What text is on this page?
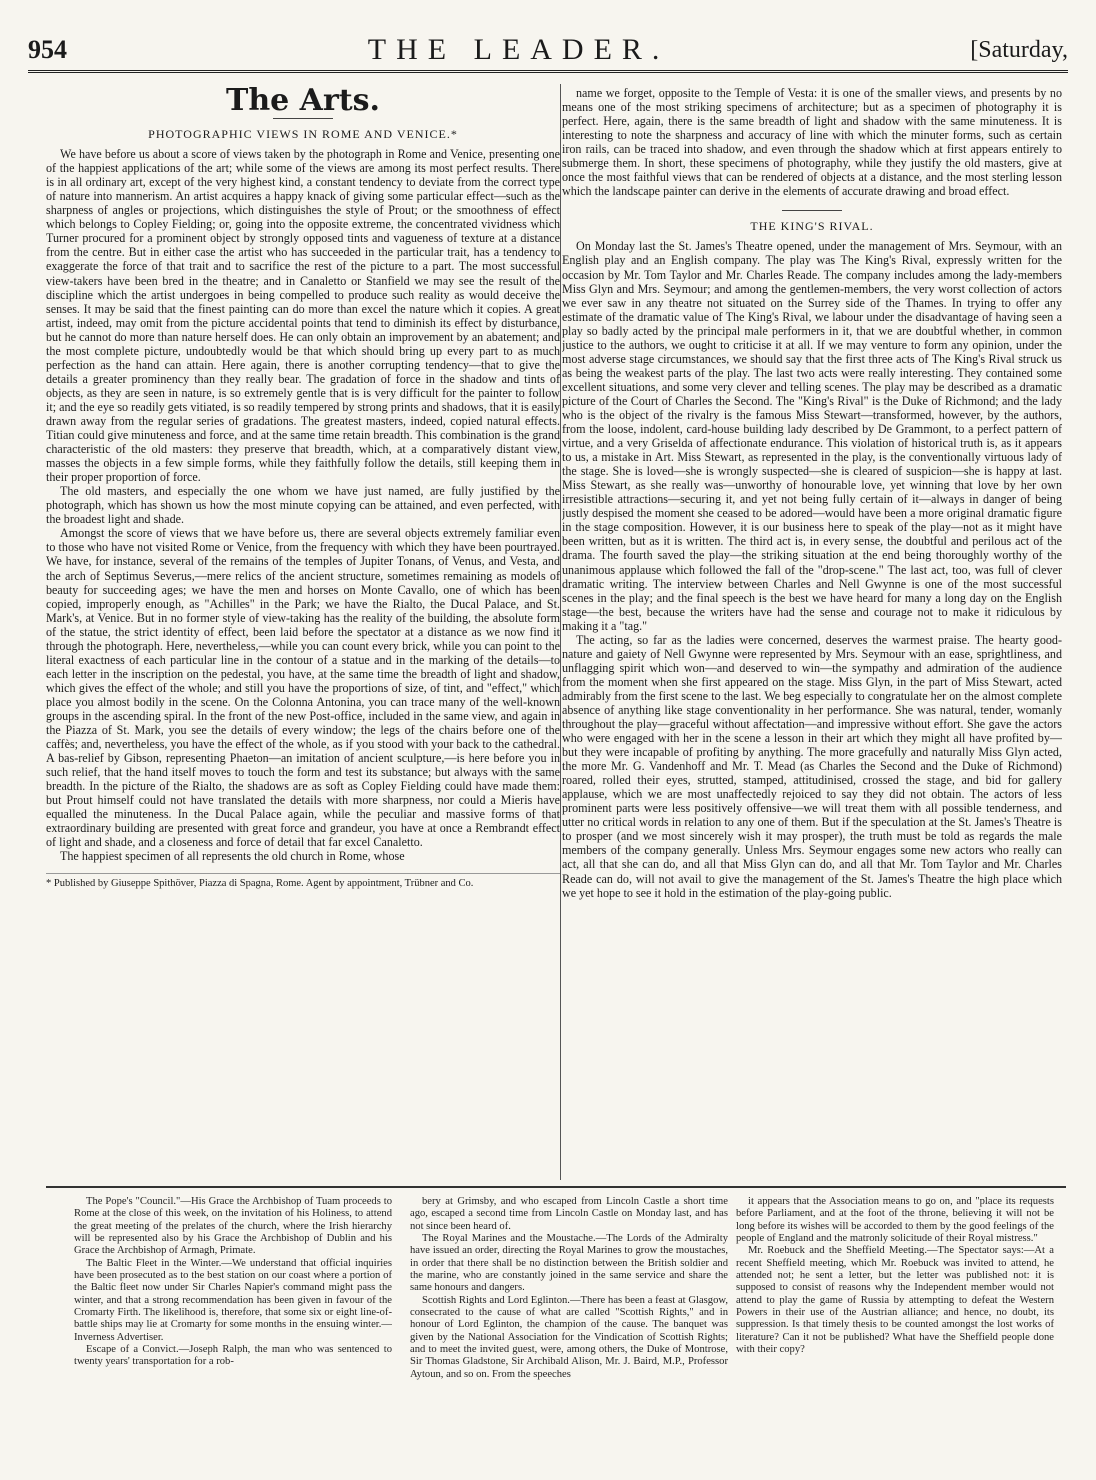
954	THE LEADER.	[Saturday,
The Arts.
PHOTOGRAPHIC VIEWS IN ROME AND VENICE.*

We have before us about a score of views taken by the photograph in Rome and Venice, presenting one of the happiest applications of the art; while some of the views are among its most perfect results. There is in all ordinary art, except of the very highest kind, a constant tendency to deviate from the correct type of nature into mannerism. An artist acquires a happy knack of giving some particular effect—such as the sharpness of angles or projections, which distinguishes the style of Prout; or the smoothness of effect which belongs to Copley Fielding; or, going into the opposite extreme, the concentrated vividness which Turner procured for a prominent object by strongly opposed tints and vagueness of texture at a distance from the centre. But in either case the artist who has succeeded in the particular trait, has a tendency to exaggerate the force of that trait and to sacrifice the rest of the picture to a part. The most successful view-takers have been bred in the theatre; and in Canaletto or Stanfield we may see the result of the discipline which the artist undergoes in being compelled to produce such reality as would deceive the senses. It may be said that the finest painting can do more than excel the nature which it copies. A great artist, indeed, may omit from the picture accidental points that tend to diminish its effect by disturbance, but he cannot do more than nature herself does. He can only obtain an improvement by an abatement; and the most complete picture, undoubtedly would be that which should bring up every part to as much perfection as the hand can attain. Here again, there is another corrupting tendency—that to give the details a greater prominency than they really bear. The gradation of force in the shadow and tints of objects, as they are seen in nature, is so extremely gentle that is is very difficult for the painter to follow it; and the eye so readily gets vitiated, is so readily tempered by strong prints and shadows, that it is easily drawn away from the regular series of gradations. The greatest masters, indeed, copied natural effects. Titian could give minuteness and force, and at the same time retain breadth. This combination is the grand characteristic of the old masters: they preserve that breadth, which, at a comparatively distant view, masses the objects in a few simple forms, while they faithfully follow the details, still keeping them in their proper proportion of force.

The old masters, and especially the one whom we have just named, are fully justified by the photograph, which has shown us how the most minute copying can be attained, and even perfected, with the broadest light and shade.

Amongst the score of views that we have before us, there are several objects extremely familiar even to those who have not visited Rome or Venice, from the frequency with which they have been pourtrayed. We have, for instance, several of the remains of the temples of Jupiter Tonans, of Venus, and Vesta, and the arch of Septimus Severus,—mere relics of the ancient structure, sometimes remaining as models of beauty for succeeding ages; we have the men and horses on Monte Cavallo, one of which has been copied, improperly enough, as "Achilles" in the Park; we have the Rialto, the Ducal Palace, and St. Mark's, at Venice. But in no former style of view-taking has the reality of the building, the absolute form of the statue, the strict identity of effect, been laid before the spectator at a distance as we now find it through the photograph. Here, nevertheless,—while you can count every brick, while you can point to the literal exactness of each particular line in the contour of a statue and in the marking of the details—to each letter in the inscription on the pedestal, you have, at the same time the breadth of light and shadow, which gives the effect of the whole; and still you have the proportions of size, of tint, and "effect," which place you almost bodily in the scene. On the Colonna Antonina, you can trace many of the well-known groups in the ascending spiral. In the front of the new Post-office, included in the same view, and again in the Piazza of St. Mark, you see the details of every window; the legs of the chairs before one of the caffès; and, nevertheless, you have the effect of the whole, as if you stood with your back to the cathedral. A bas-relief by Gibson, representing Phaeton—an imitation of ancient sculpture,—is here before you in such relief, that the hand itself moves to touch the form and test its substance; but always with the same breadth. In the picture of the Rialto, the shadows are as soft as Copley Fielding could have made them: but Prout himself could not have translated the details with more sharpness, nor could a Mieris have equalled the minuteness. In the Ducal Palace again, while the peculiar and massive forms of that extraordinary building are presented with great force and grandeur, you have at once a Rembrandt effect of light and shade, and a closeness and force of detail that far excel Canaletto.

The happiest specimen of all represents the old church in Rome, whose

* Published by Giuseppe Spithöver, Piazza di Spagna, Rome. Agent by appointment, Trübner and Co.

name we forget, opposite to the Temple of Vesta: it is one of the smaller views, and presents by no means one of the most striking specimens of architecture; but as a specimen of photography it is perfect. Here, again, there is the same breadth of light and shadow with the same minuteness. It is interesting to note the sharpness and accuracy of line with which the minuter forms, such as certain iron rails, can be traced into shadow, and even through the shadow which at first appears entirely to submerge them. In short, these specimens of photography, while they justify the old masters, give at once the most faithful views that can be rendered of objects at a distance, and the most sterling lesson which the landscape painter can derive in the elements of accurate drawing and broad effect.

THE KING'S RIVAL.

On Monday last the St. James's Theatre opened, under the management of Mrs. Seymour, with an English play and an English company. The play was The King's Rival, expressly written for the occasion by Mr. Tom Taylor and Mr. Charles Reade. The company includes among the lady-members Miss Glyn and Mrs. Seymour; and among the gentlemen-members, the very worst collection of actors we ever saw in any theatre not situated on the Surrey side of the Thames. In trying to offer any estimate of the dramatic value of The King's Rival, we labour under the disadvantage of having seen a play so badly acted by the principal male performers in it, that we are doubtful whether, in common justice to the authors, we ought to criticise it at all. If we may venture to form any opinion, under the most adverse stage circumstances, we should say that the first three acts of The King's Rival struck us as being the weakest parts of the play. The last two acts were really interesting. They contained some excellent situations, and some very clever and telling scenes. The play may be described as a dramatic picture of the Court of Charles the Second. The "King's Rival" is the Duke of Richmond; and the lady who is the object of the rivalry is the famous Miss Stewart—transformed, however, by the authors, from the loose, indolent, card-house building lady described by De Grammont, to a perfect pattern of virtue, and a very Griselda of affectionate endurance. This violation of historical truth is, as it appears to us, a mistake in Art. Miss Stewart, as represented in the play, is the conventionally virtuous lady of the stage. She is loved—she is wrongly suspected—she is cleared of suspicion—she is happy at last. Miss Stewart, as she really was—unworthy of honourable love, yet winning that love by her own irresistible attractions—securing it, and yet not being fully certain of it—always in danger of being justly despised the moment she ceased to be adored—would have been a more original dramatic figure in the stage composition. However, it is our business here to speak of the play—not as it might have been written, but as it is written. The third act is, in every sense, the doubtful and perilous act of the drama. The fourth saved the play—the striking situation at the end being thoroughly worthy of the unanimous applause which followed the fall of the "drop-scene." The last act, too, was full of clever dramatic writing. The interview between Charles and Nell Gwynne is one of the most successful scenes in the play; and the final speech is the best we have heard for many a long day on the English stage—the best, because the writers have had the sense and courage not to make it ridiculous by making it a "tag."

The acting, so far as the ladies were concerned, deserves the warmest praise. The hearty good-nature and gaiety of Nell Gwynne were represented by Mrs. Seymour with an ease, sprightliness, and unflagging spirit which won—and deserved to win—the sympathy and admiration of the audience from the moment when she first appeared on the stage. Miss Glyn, in the part of Miss Stewart, acted admirably from the first scene to the last. We beg especially to congratulate her on the almost complete absence of anything like stage conventionality in her performance. She was natural, tender, womanly throughout the play—graceful without affectation—and impressive without effort. She gave the actors who were engaged with her in the scene a lesson in their art which they might all have profited by—but they were incapable of profiting by anything. The more gracefully and naturally Miss Glyn acted, the more Mr. G. Vandenhoff and Mr. T. Mead (as Charles the Second and the Duke of Richmond) roared, rolled their eyes, strutted, stamped, attitudinised, crossed the stage, and bid for gallery applause, which we are most unaffectedly rejoiced to say they did not obtain. The actors of less prominent parts were less positively offensive—we will treat them with all possible tenderness, and utter no critical words in relation to any one of them. But if the speculation at the St. James's Theatre is to prosper (and we most sincerely wish it may prosper), the truth must be told as regards the male members of the company generally. Unless Mrs. Seymour engages some new actors who really can act, all that she can do, and all that Miss Glyn can do, and all that Mr. Tom Taylor and Mr. Charles Reade can do, will not avail to give the management of the St. James's Theatre the high place which we yet hope to see it hold in the estimation of the play-going public.

The Pope's "Council."—His Grace the Archbishop of Tuam proceeds to Rome at the close of this week, on the invitation of his Holiness, to attend the great meeting of the prelates of the church, where the Irish hierarchy will be represented also by his Grace the Archbishop of Dublin and his Grace the Archbishop of Armagh, Primate.

The Baltic Fleet in the Winter.—We understand that official inquiries have been prosecuted as to the best station on our coast where a portion of the Baltic fleet now under Sir Charles Napier's command might pass the winter, and that a strong recommendation has been given in favour of the Cromarty Firth. The likelihood is, therefore, that some six or eight line-of-battle ships may lie at Cromarty for some months in the ensuing winter.—Inverness Advertiser.

Escape of a Convict.—Joseph Ralph, the man who was sentenced to twenty years' transportation for a rob-

bery at Grimsby, and who escaped from Lincoln Castle a short time ago, escaped a second time from Lincoln Castle on Monday last, and has not since been heard of.

The Royal Marines and the Moustache.—The Lords of the Admiralty have issued an order, directing the Royal Marines to grow the moustaches, in order that there shall be no distinction between the British soldier and the marine, who are constantly joined in the same service and share the same honours and dangers.

Scottish Rights and Lord Eglinton.—There has been a feast at Glasgow, consecrated to the cause of what are called "Scottish Rights," and in honour of Lord Eglinton, the champion of the cause. The banquet was given by the National Association for the Vindication of Scottish Rights; and to meet the invited guest, were, among others, the Duke of Montrose, Sir Thomas Gladstone, Sir Archibald Alison, Mr. J. Baird, M.P., Professor Aytoun, and so on. From the speeches

it appears that the Association means to go on, and "place its requests before Parliament, and at the foot of the throne, believing it will not be long before its wishes will be accorded to them by the good feelings of the people of England and the matronly solicitude of their Royal mistress."

Mr. Roebuck and the Sheffield Meeting.—The Spectator says:—At a recent Sheffield meeting, which Mr. Roebuck was invited to attend, he attended not; he sent a letter, but the letter was published not: it is supposed to consist of reasons why the Independent member would not attend to play the game of Russia by attempting to defeat the Western Powers in their use of the Austrian alliance; and hence, no doubt, its suppression. Is that timely thesis to be counted amongst the lost works of literature? Can it not be published? What have the Sheffield people done with their copy?
